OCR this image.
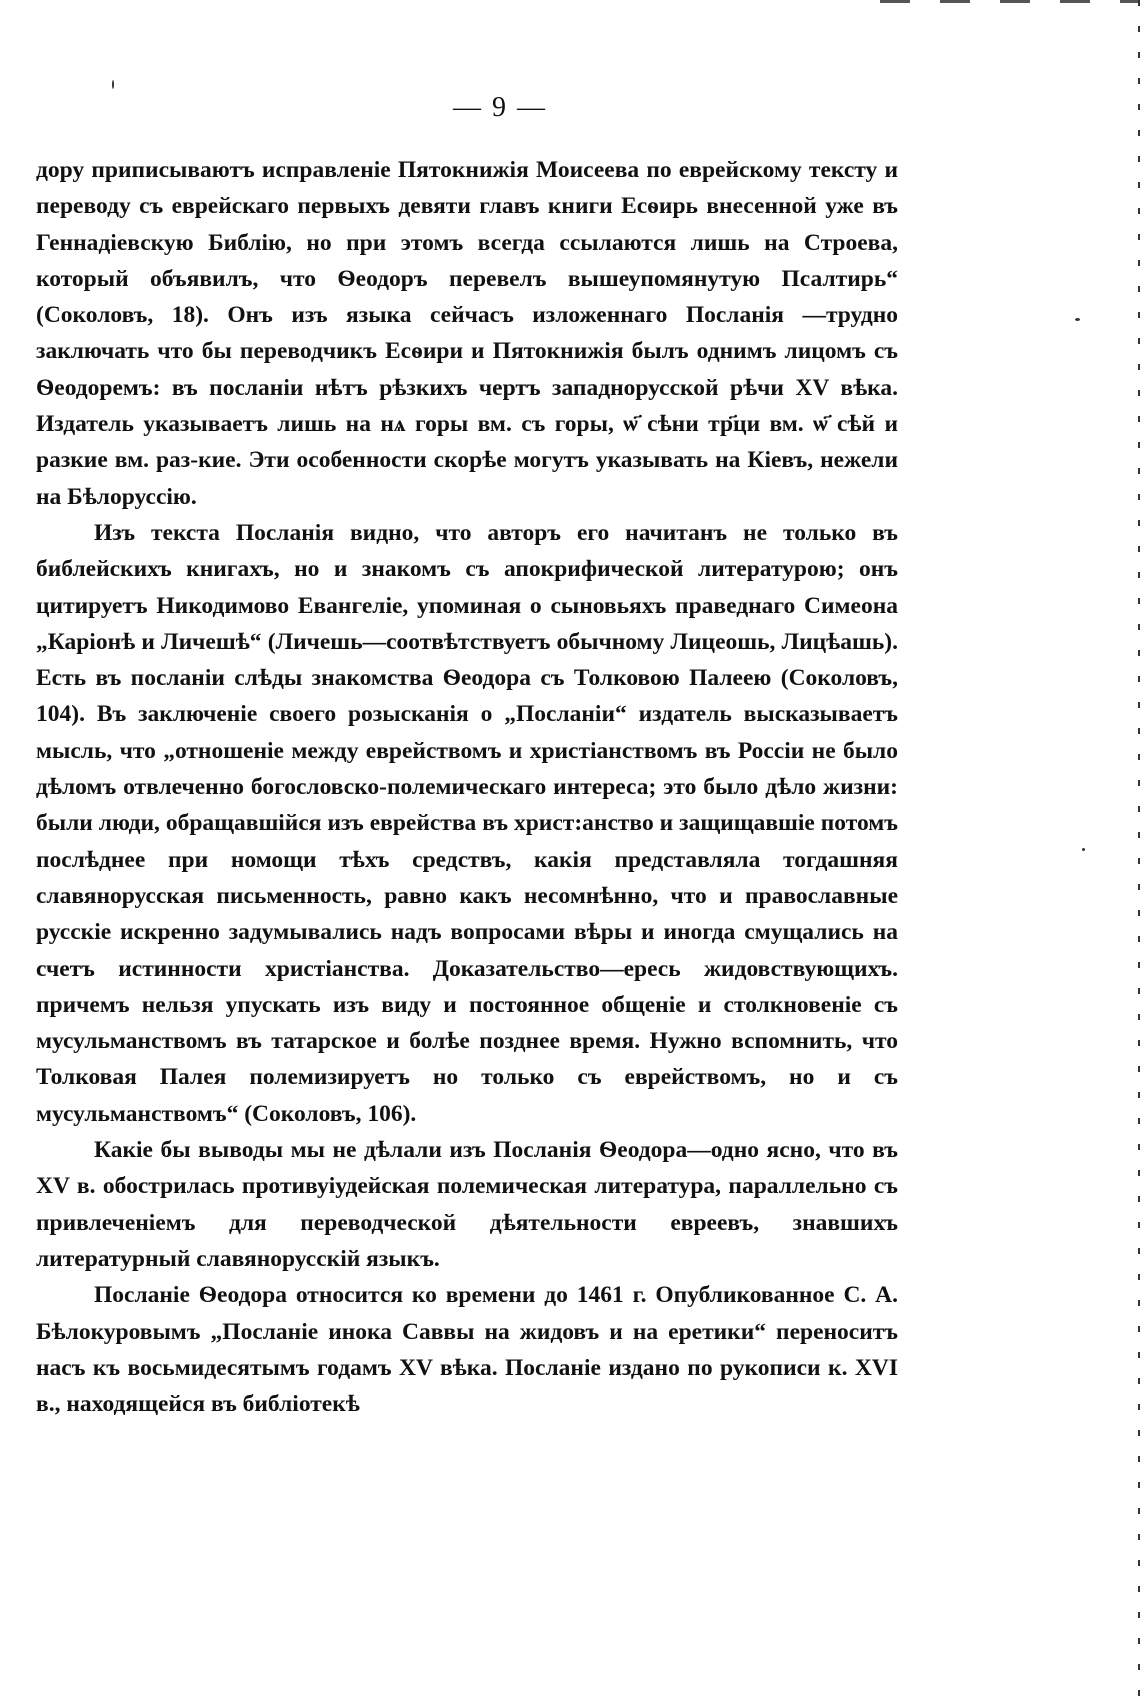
— 9 —

дору приписываютъ исправленіе Пятокнижія Моисеева по еврейскому тексту и переводу съ еврейскаго первыхъ девяти главъ книги Есѳирь внесенной уже въ Геннадіевскую Библію, но при этомъ всегда ссылаются лишь на Строева, который объявилъ, что Ѳеодоръ перевелъ вышеупомянутую Псалтирь“ (Соколовъ, 18). Онъ изъ языка сейчасъ изложеннаго Посланія —трудно заключать что бы переводчикъ Есѳири и Пятокнижія былъ однимъ лицомъ съ Ѳеодоремъ: въ посланіи нѣтъ рѣзкихъ чертъ западнорусской рѣчи XV вѣка. Издатель указываетъ лишь на нѧ горы вм. съ горы, ѡ҃ сѣни тр҃ци вм. ѡ҃ сѣй и разкие вм. раз-кие. Эти особенности скорѣе могутъ указывать на Кіевъ, нежели на Бѣлоруссію.

Изъ текста Посланія видно, что авторъ его начитанъ не только въ библейскихъ книгахъ, но и знакомъ съ апокрифической литературою; онъ цитируетъ Никодимово Евангеліе, упоминая о сыновьяхъ праведнаго Симеона „Каріонѣ и Личешѣ“ (Личешь—соотвѣтствуетъ обычному Лицеошь, Лицѣашь). Есть въ посланіи слѣды знакомства Ѳеодора съ Толковою Палеею (Соколовъ, 104). Въ заключеніе своего розысканія о „Посланіи“ издатель высказываетъ мысль, что „отношеніе между еврействомъ и христіанствомъ въ Россіи не было дѣломъ отвлеченно богословско-полемическаго интереса; это было дѣло жизни: были люди, обращавшійся изъ еврейства въ христ:анство и защищавшіе потомъ послѣднее при номощи тѣхъ средствъ, какія представляла тогдашняя славянорусская письменность, равно какъ несомнѣнно, что и православные русскіе искренно задумывались надъ вопросами вѣры и иногда смущались на счетъ истинности христіанства. Доказательство—ересь жидовствующихъ. причемъ нельзя упускать изъ виду и постоянное общеніе и столкновеніе съ мусульманствомъ въ татарское и болѣе позднее время. Нужно вспомнить, что Толковая Палея полемизируетъ но только съ еврействомъ, но и съ мусульманствомъ“ (Соколовъ, 106).

Какіе бы выводы мы не дѣлали изъ Посланія Ѳеодора—одно ясно, что въ XV в. обострилась противуіудейская полемическая литература, параллельно съ привлеченіемъ для переводческой дѣятельности евреевъ, знавшихъ литературный славянорусскій языкъ.

Посланіе Ѳеодора относится ко времени до 1461 г. Опубликованное С. А. Бѣлокуровымъ „Посланіе инока Саввы на жидовъ и на еретики“ переноситъ насъ къ восьмидесятымъ годамъ XV вѣка. Посланіе издано по рукописи к. XVI в., находящейся въ библіотекѣ
